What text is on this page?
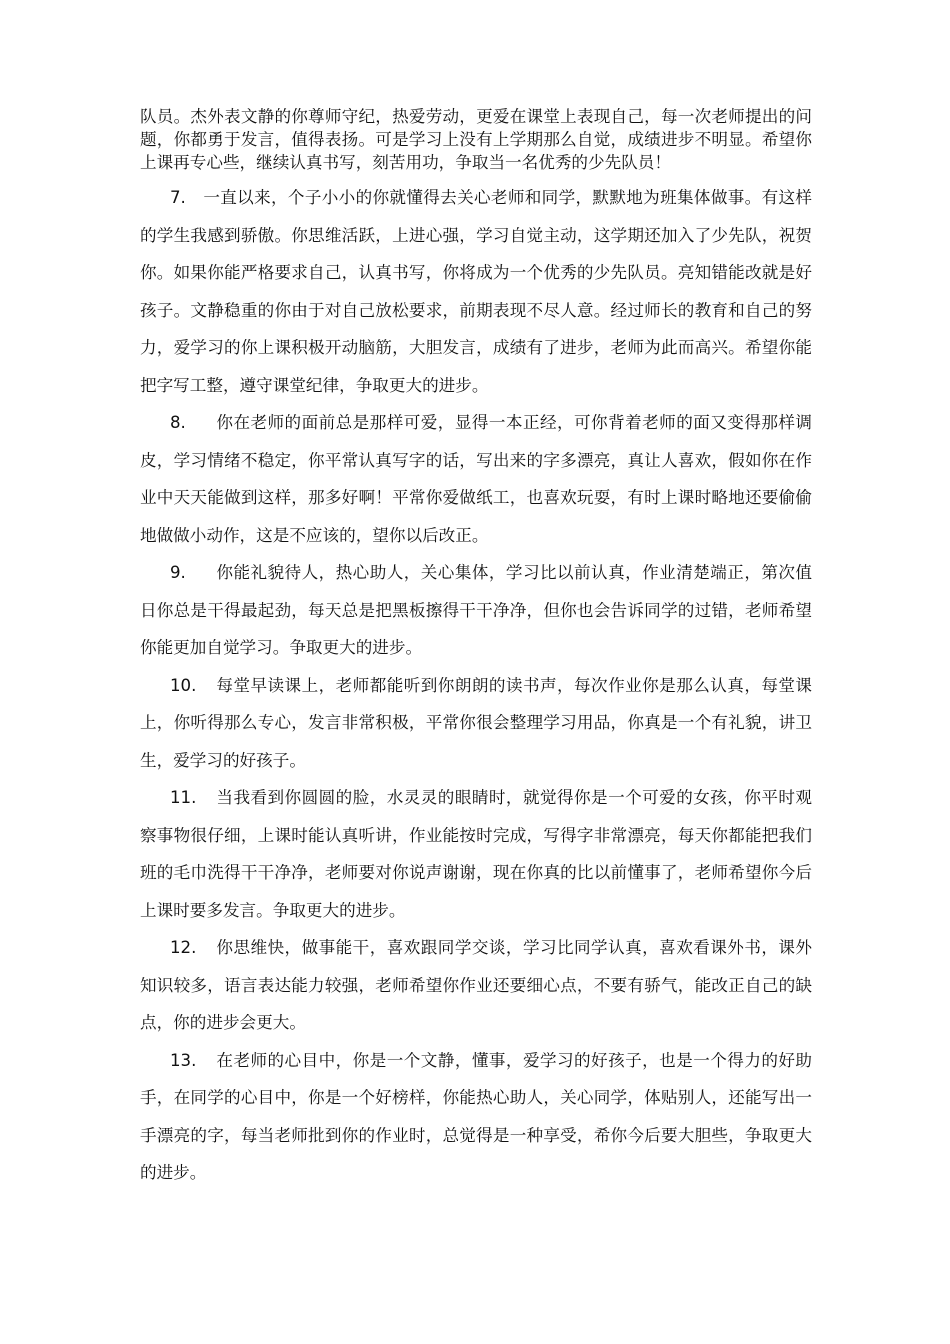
队员。杰外表文静的你尊师守纪，热爱劳动，更爱在课堂上表现自己，每一次老师提出的问题，你都勇于发言，值得表扬。可是学习上没有上学期那么自觉，成绩进步不明显。希望你上课再专心些，继续认真书写，刻苦用功，争取当一名优秀的少先队员！

7. 一直以来，个子小小的你就懂得去关心老师和同学，默默地为班集体做事。有这样的学生我感到骄傲。你思维活跃，上进心强，学习自觉主动，这学期还加入了少先队，祝贺你。如果你能严格要求自己，认真书写，你将成为一个优秀的少先队员。亮知错能改就是好孩子。文静稳重的你由于对自己放松要求，前期表现不尽人意。经过师长的教育和自己的努力，爱学习的你上课积极开动脑筋，大胆发言，成绩有了进步，老师为此而高兴。希望你能把字写工整，遵守课堂纪律，争取更大的进步。

8. 你在老师的面前总是那样可爱，显得一本正经，可你背着老师的面又变得那样调皮，学习情绪不稳定，你平常认真写字的话，写出来的字多漂亮，真让人喜欢，假如你在作业中天天能做到这样，那多好啊！平常你爱做纸工，也喜欢玩耍，有时上课时略地还要偷偷地做做小动作，这是不应该的，望你以后改正。

9. 你能礼貌待人，热心助人，关心集体，学习比以前认真，作业清楚端正，第次值日你总是干得最起劲，每天总是把黑板擦得干干净净，但你也会告诉同学的过错，老师希望你能更加自觉学习。争取更大的进步。

10. 每堂早读课上，老师都能听到你朗朗的读书声，每次作业你是那么认真，每堂课上，你听得那么专心，发言非常积极，平常你很会整理学习用品，你真是一个有礼貌，讲卫生，爱学习的好孩子。

11. 当我看到你圆圆的脸，水灵灵的眼睛时，就觉得你是一个可爱的女孩，你平时观察事物很仔细，上课时能认真听讲，作业能按时完成，写得字非常漂亮，每天你都能把我们班的毛巾洗得干干净净，老师要对你说声谢谢，现在你真的比以前懂事了，老师希望你今后上课时要多发言。争取更大的进步。

12. 你思维快，做事能干，喜欢跟同学交谈，学习比同学认真，喜欢看课外书，课外知识较多，语言表达能力较强，老师希望你作业还要细心点，不要有骄气，能改正自己的缺点，你的进步会更大。

13. 在老师的心目中，你是一个文静，懂事，爱学习的好孩子，也是一个得力的好助手，在同学的心目中，你是一个好榜样，你能热心助人，关心同学，体贴别人，还能写出一手漂亮的字，每当老师批到你的作业时，总觉得是一种享受，希你今后要大胆些，争取更大的进步。
